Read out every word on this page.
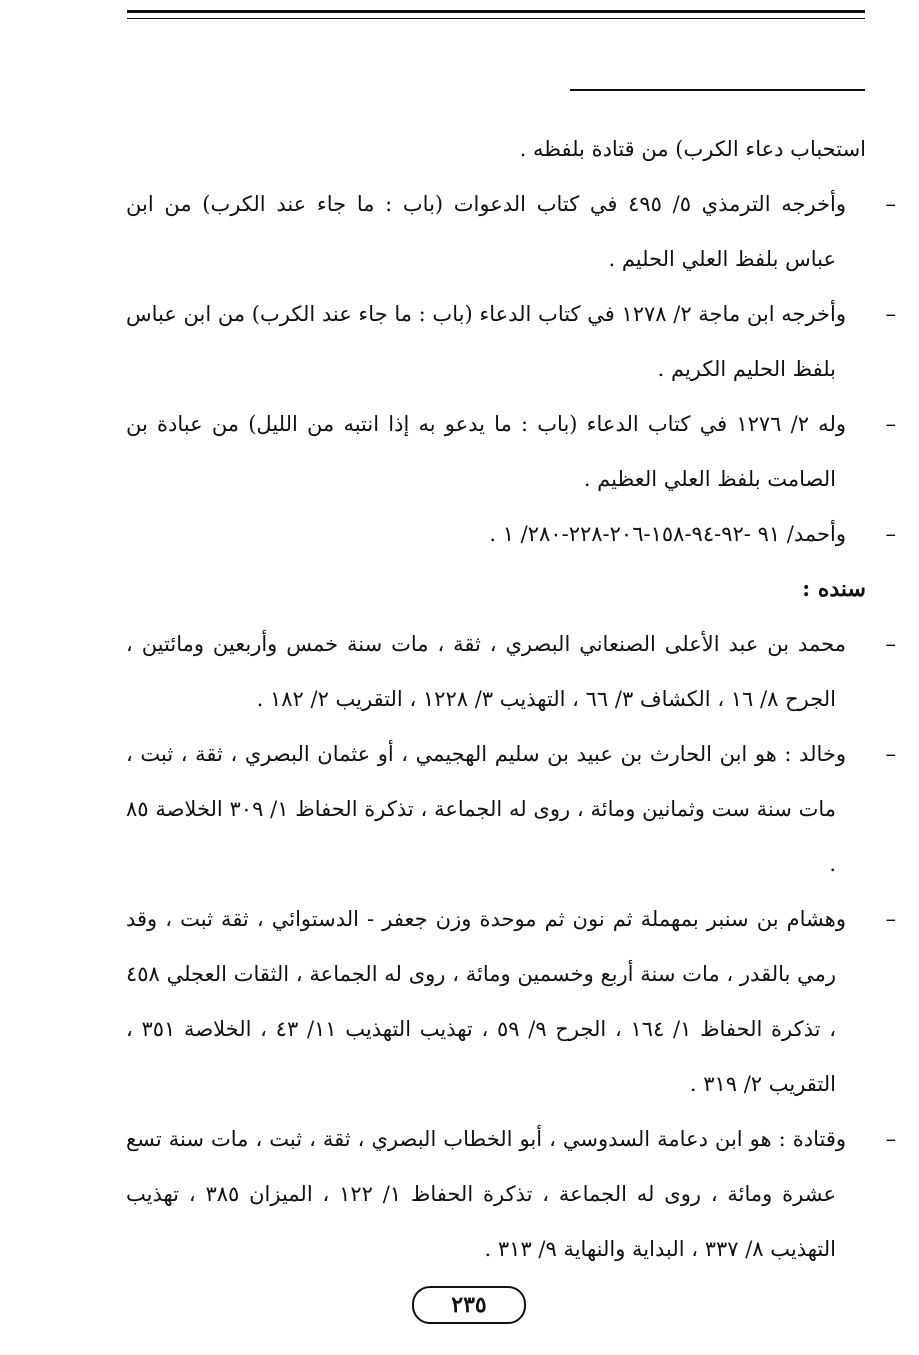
استحباب دعاء الكرب) من قتادة بلفظه .

–وأخرجه الترمذي ٥/ ٤٩٥ في كتاب الدعوات (باب : ما جاء عند الكرب) من ابن عباس بلفظ العلي الحليم .

–وأخرجه ابن ماجة ٢/ ١٢٧٨ في كتاب الدعاء (باب : ما جاء عند الكرب) من ابن عباس بلفظ الحليم الكريم .

–وله ٢/ ١٢٧٦ في كتاب الدعاء (باب : ما يدعو به إذا انتبه من الليل) من عبادة بن الصامت بلفظ العلي العظيم .

–وأحمد/ ٩١ -٩٢-٩٤-١٥٨-٢٠٦-٢٢٨-٢٨٠/ ١ .

سنده :

–محمد بن عبد الأعلى الصنعاني البصري ، ثقة ، مات سنة خمس وأربعين ومائتين ، الجرح ٨/ ١٦ ، الكشاف ٣/ ٦٦ ، التهذيب ٣/ ١٢٢٨ ، التقريب ٢/ ١٨٢ .

–وخالد : هو ابن الحارث بن عبيد بن سليم الهجيمي ، أو عثمان البصري ، ثقة ، ثبت ، مات سنة ست وثمانين ومائة ، روى له الجماعة ، تذكرة الحفاظ ١/ ٣٠٩ الخلاصة ٨٥ .

–وهشام بن سنبر بمهملة ثم نون ثم موحدة وزن جعفر - الدستوائي ، ثقة ثبت ، وقد رمي بالقدر ، مات سنة أربع وخسمين ومائة ، روى له الجماعة ، الثقات العجلي ٤٥٨ ، تذكرة الحفاظ ١/ ١٦٤ ، الجرح ٩/ ٥٩ ، تهذيب التهذيب ١١/ ٤٣ ، الخلاصة ٣٥١ ، التقريب ٢/ ٣١٩ .

–وقتادة : هو ابن دعامة السدوسي ، أبو الخطاب البصري ، ثقة ، ثبت ، مات سنة تسع عشرة ومائة ، روى له الجماعة ، تذكرة الحفاظ ١/ ١٢٢ ، الميزان ٣٨٥ ، تهذيب التهذيب ٨/ ٣٣٧ ، البداية والنهاية ٩/ ٣١٣ .

٢٣٥
